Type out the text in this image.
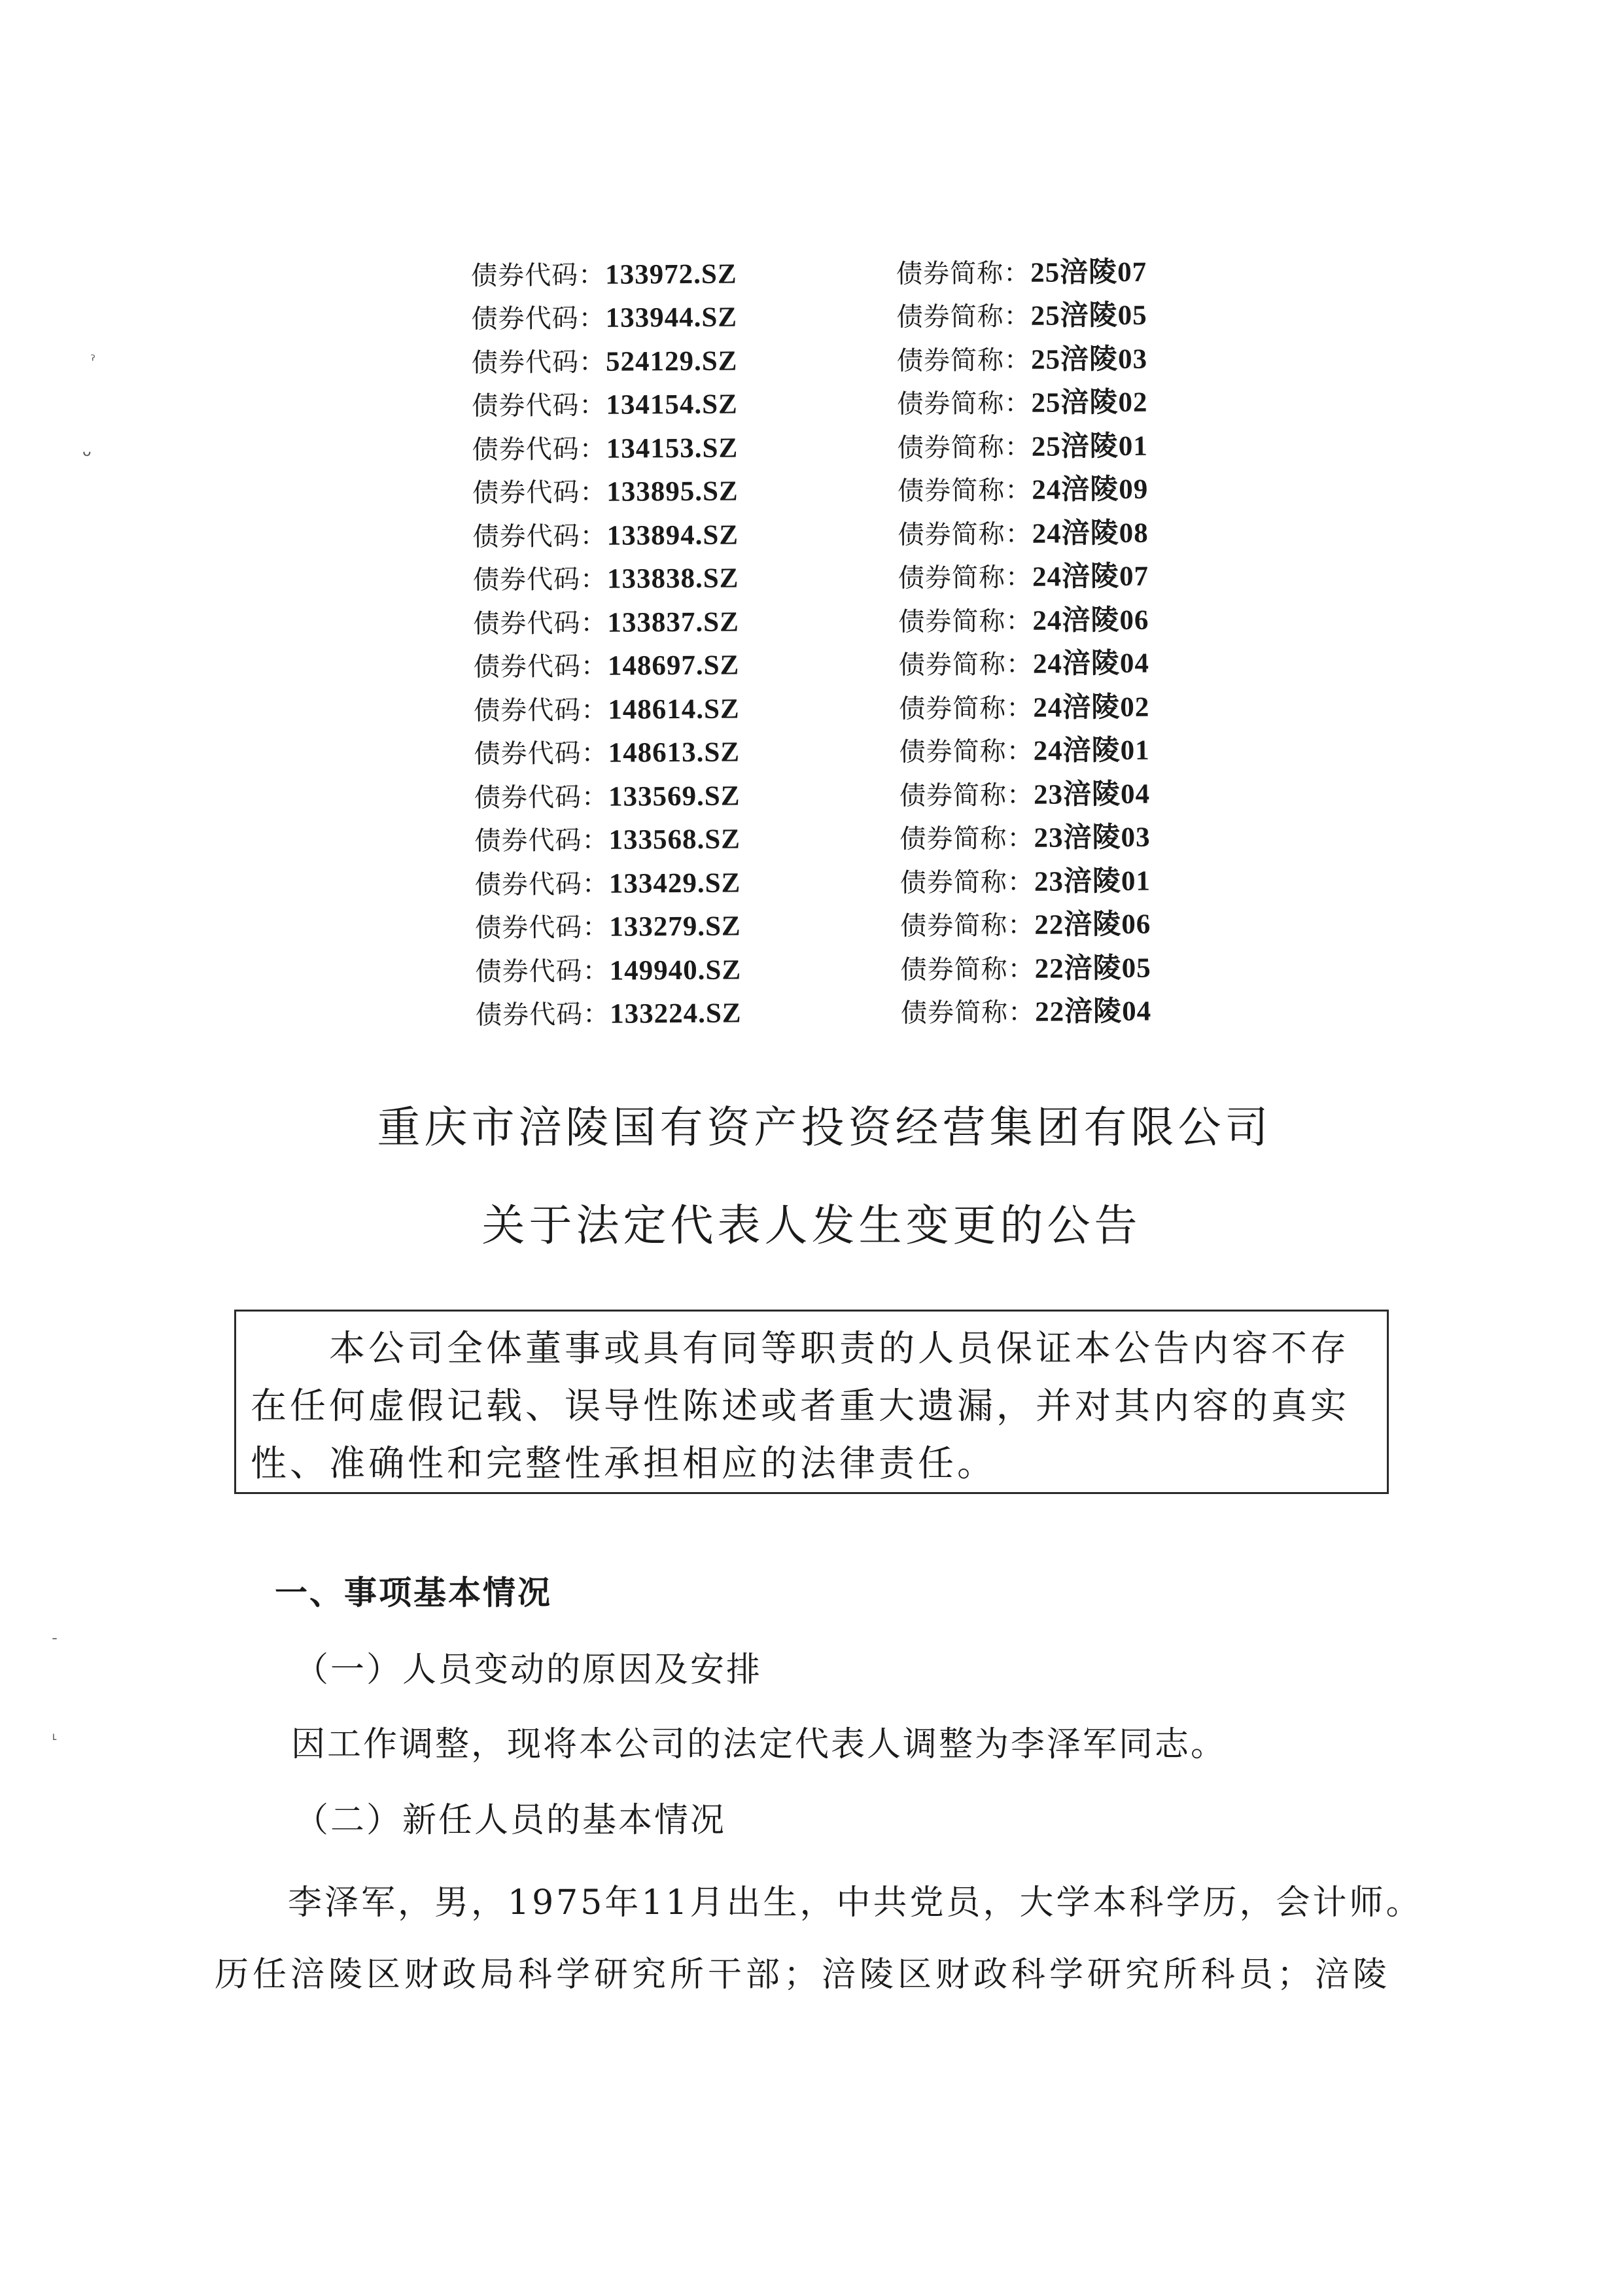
债券代码：133972.SZ	债券简称：25涪陵07
债券代码：133944.SZ	债券简称：25涪陵05
债券代码：524129.SZ	债券简称：25涪陵03
债券代码：134154.SZ	债券简称：25涪陵02
债券代码：134153.SZ	债券简称：25涪陵01
债券代码：133895.SZ	债券简称：24涪陵09
债券代码：133894.SZ	债券简称：24涪陵08
债券代码：133838.SZ	债券简称：24涪陵07
债券代码：133837.SZ	债券简称：24涪陵06
债券代码：148697.SZ	债券简称：24涪陵04
债券代码：148614.SZ	债券简称：24涪陵02
债券代码：148613.SZ	债券简称：24涪陵01
债券代码：133569.SZ	债券简称：23涪陵04
债券代码：133568.SZ	债券简称：23涪陵03
债券代码：133429.SZ	债券简称：23涪陵01
债券代码：133279.SZ	债券简称：22涪陵06
债券代码：149940.SZ	债券简称：22涪陵05
债券代码：133224.SZ	债券简称：22涪陵04
重庆市涪陵国有资产投资经营集团有限公司
关于法定代表人发生变更的公告
本公司全体董事或具有同等职责的人员保证本公告内容不存在任何虚假记载、误导性陈述或者重大遗漏，并对其内容的真实性、准确性和完整性承担相应的法律责任。
一、事项基本情况
（一）人员变动的原因及安排
因工作调整，现将本公司的法定代表人调整为李泽军同志。
（二）新任人员的基本情况
李泽军，男，1975年11月出生，中共党员，大学本科学历，会计师。
历任涪陵区财政局科学研究所干部；涪陵区财政科学研究所科员；涪陵
ˀ
ᴗ
ˉ
˪
